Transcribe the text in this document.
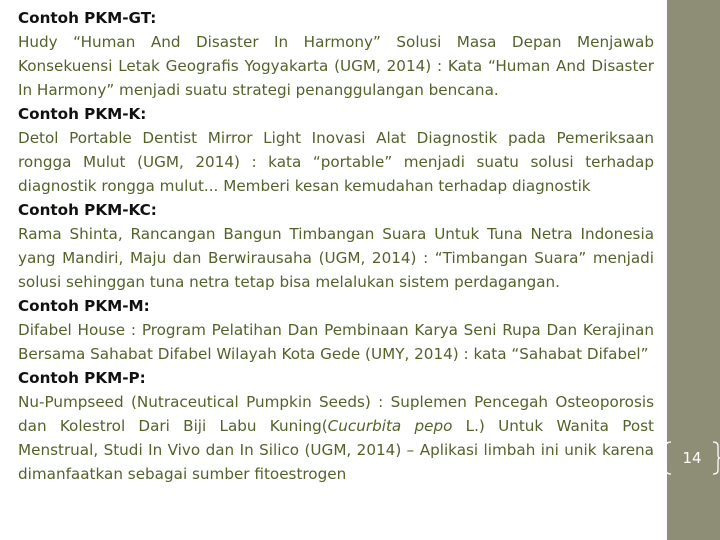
Contoh PKM-GT:

Hudy “Human And Disaster In Harmony” Solusi Masa Depan Menjawab Konsekuensi Letak Geografis Yogyakarta (UGM, 2014) : Kata “Human And Disaster In Harmony” menjadi suatu strategi penanggulangan bencana.

Contoh PKM-K:

Detol Portable Dentist Mirror Light Inovasi Alat Diagnostik pada Pemeriksaan rongga Mulut (UGM, 2014) : kata “portable” menjadi suatu solusi terhadap diagnostik rongga mulut... Memberi kesan kemudahan terhadap diagnostik

Contoh PKM-KC:

Rama Shinta, Rancangan Bangun Timbangan Suara Untuk Tuna Netra Indonesia yang Mandiri, Maju dan Berwirausaha (UGM, 2014) : “Timbangan Suara” menjadi solusi sehinggan tuna netra tetap bisa melalukan sistem perdagangan.

Contoh PKM-M:

Difabel House : Program Pelatihan Dan Pembinaan Karya Seni Rupa Dan Kerajinan Bersama Sahabat Difabel Wilayah Kota Gede (UMY, 2014) : kata “Sahabat Difabel”

Contoh PKM-P:

Nu-Pumpseed (Nutraceutical Pumpkin Seeds) : Suplemen Pencegah Osteoporosis dan Kolestrol Dari Biji Labu Kuning(Cucurbita pepo L.) Untuk Wanita Post Menstrual, Studi In Vivo dan In Silico (UGM, 2014) – Aplikasi limbah ini unik karena dimanfaatkan sebagai sumber fitoestrogen

14
